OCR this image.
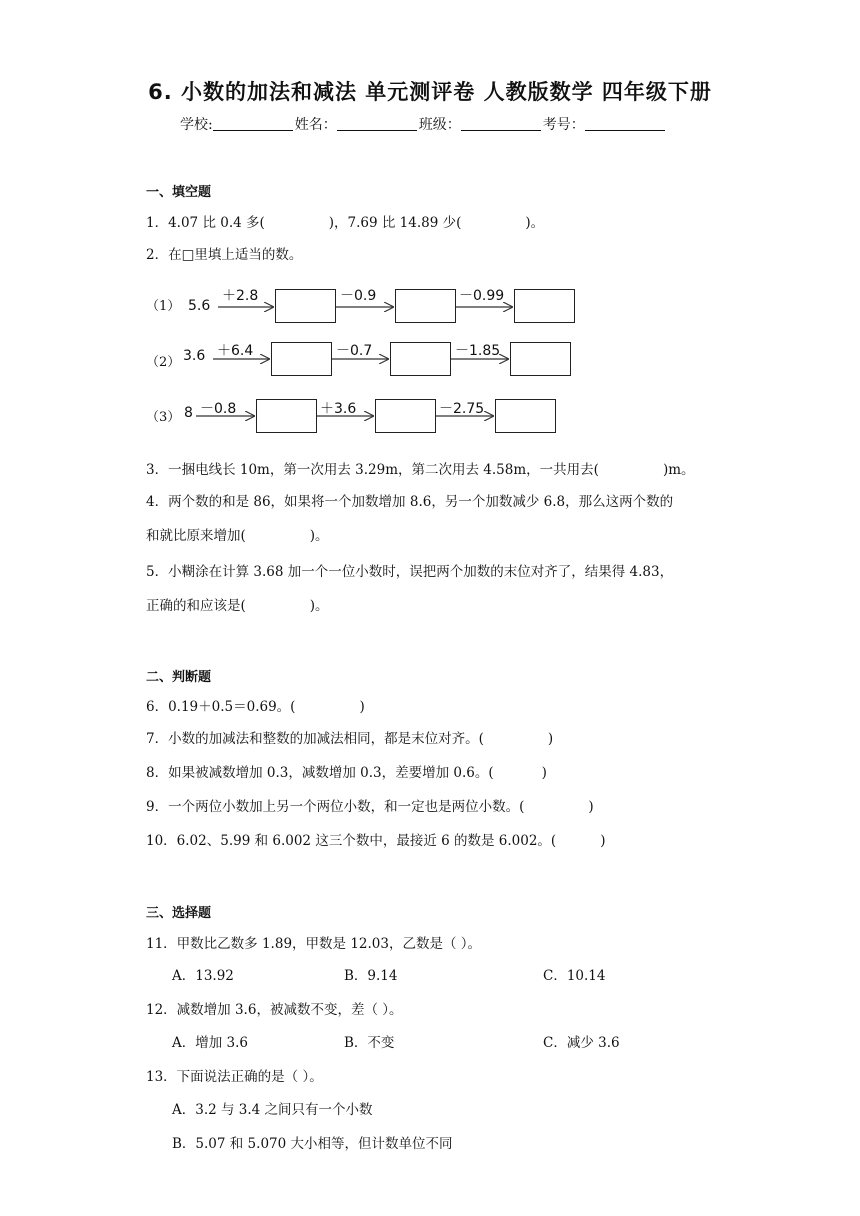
6. 小数的加法和减法 单元测评卷 人教版数学 四年级下册
学校:	姓名：	班级：	考号：
一、填空题
1．4.07 比 0.4 多(	)，7.69 比 14.89 少(	)。
2．在□里填上适当的数。
（1） 5.6
＋2.8	－0.9	－0.99
（2） 3.6 ＋6.4	－0.7	－1.85
（3） 8 －0.8	＋3.6	－2.75
3．一捆电线长 10m，第一次用去 3.29m，第二次用去 4.58m，一共用去(	)m。
4．两个数的和是 86，如果将一个加数增加 8.6，另一个加数减少 6.8，那么这两个数的
和就比原来增加(	)。
5．小糊涂在计算 3.68 加一个一位小数时，误把两个加数的末位对齐了，结果得 4.83，
正确的和应该是(	)。
二、判断题
6．0.19＋0.5＝0.69。(	)
7．小数的加减法和整数的加减法相同，都是末位对齐。(	)
8．如果被减数增加 0.3，减数增加 0.3，差要增加 0.6。(	)
9．一个两位小数加上另一个两位小数，和一定也是两位小数。(	)
10．6.02、5.99 和 6.002 这三个数中，最接近 6 的数是 6.002。(	)
三、选择题
11．甲数比乙数多 1.89，甲数是 12.03，乙数是（ ）。
A．13.92	B．9.14	C．10.14
12．减数增加 3.6，被减数不变，差（ ）。
A．增加 3.6	B．不变	C．减少 3.6
13．下面说法正确的是（ ）。
A．3.2 与 3.4 之间只有一个小数
B．5.07 和 5.070 大小相等，但计数单位不同
